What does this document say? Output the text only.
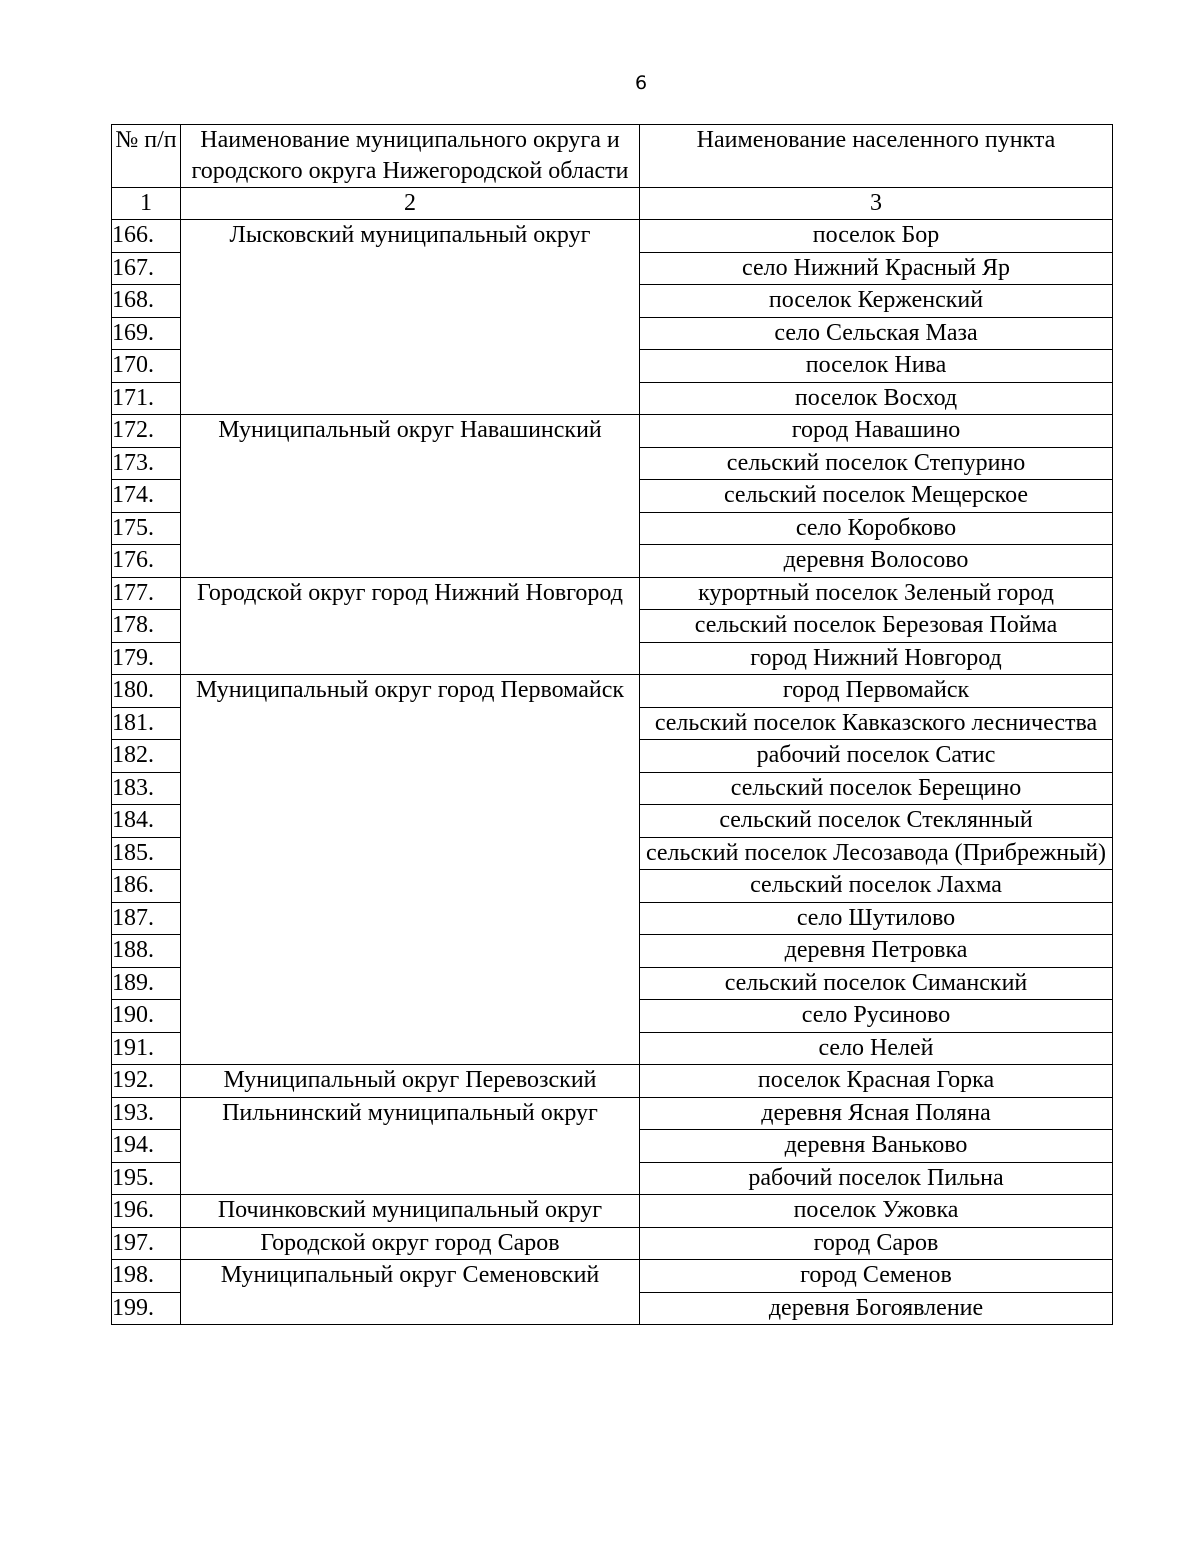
6
№ п/п	Наименование муниципального округа и городского округа Нижегородской области	Наименование населенного пункта
1	2	3
166.	Лысковский муниципальный округ	поселок Бор
167.		село Нижний Красный Яр
168.		поселок Керженский
169.		село Сельская Маза
170.		поселок Нива
171.		поселок Восход
172.	Муниципальный округ Навашинский	город Навашино
173.		сельский поселок Степурино
174.		сельский поселок Мещерское
175.		село Коробково
176.		деревня Волосово
177.	Городской округ город Нижний Новгород	курортный поселок Зеленый город
178.		сельский поселок Березовая Пойма
179.		город Нижний Новгород
180.	Муниципальный округ город Первомайск	город Первомайск
181.		сельский поселок Кавказского лесничества
182.		рабочий поселок Сатис
183.		сельский поселок Берещино
184.		сельский поселок Стеклянный
185.		сельский поселок Лесозавода (Прибрежный)
186.		сельский поселок Лахма
187.		село Шутилово
188.		деревня Петровка
189.		сельский поселок Симанский
190.		село Русиново
191.		село Нелей
192.	Муниципальный округ Перевозский	поселок Красная Горка
193.	Пильнинский муниципальный округ	деревня Ясная Поляна
194.		деревня Ваньково
195.		рабочий поселок Пильна
196.	Починковский муниципальный округ	поселок Ужовка
197.	Городской округ город Саров	город Саров
198.	Муниципальный округ Семеновский	город Семенов
199.		деревня Богоявление
